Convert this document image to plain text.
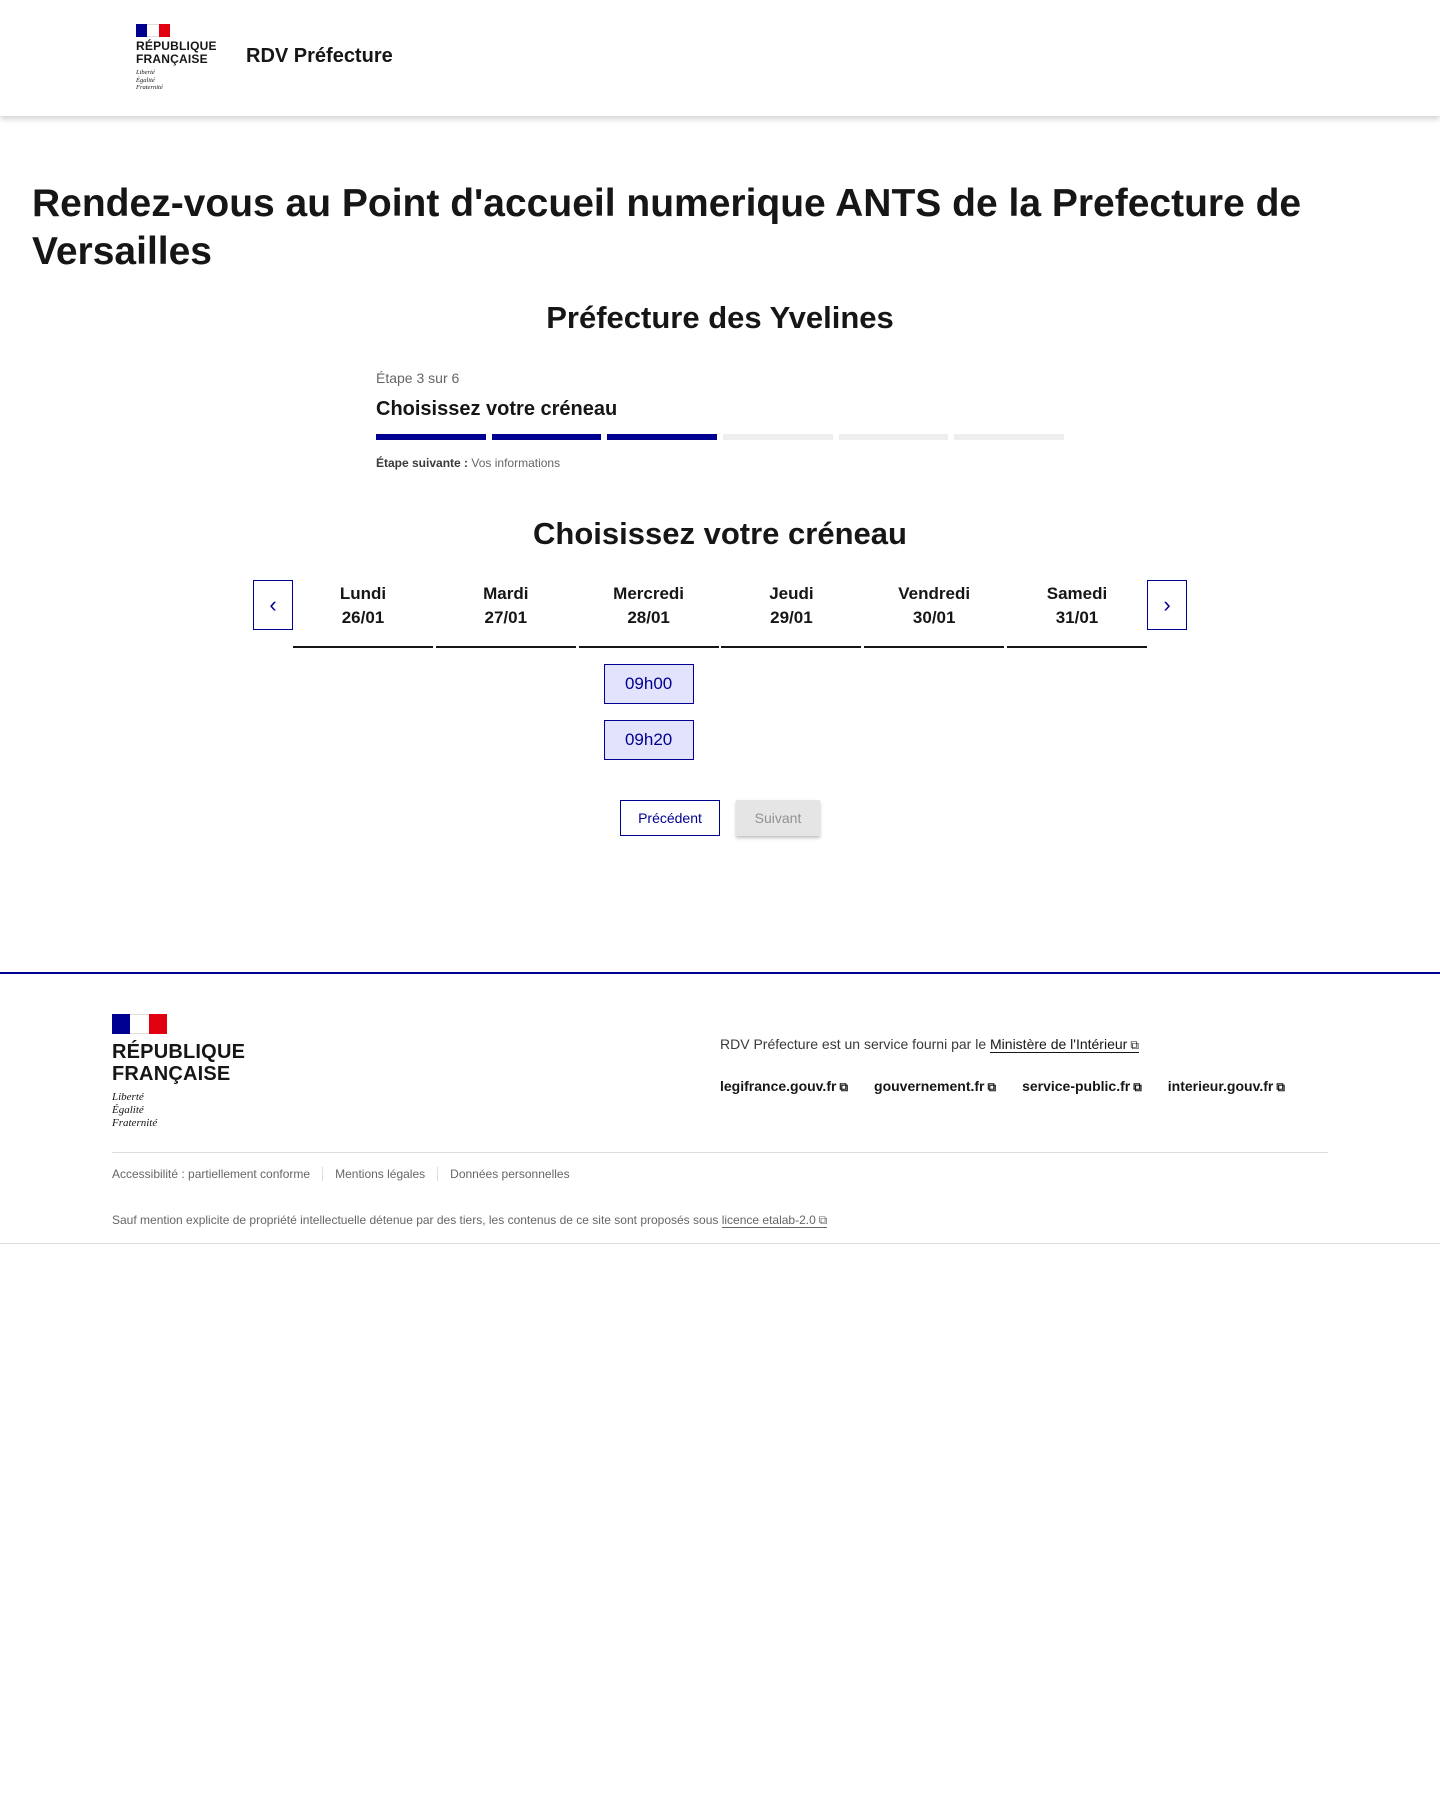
RÉPUBLIQUE
FRANÇAISE
Liberté
Égalité
Fraternité
RDV Préfecture
Rendez-vous au Point d'accueil numerique ANTS de la Prefecture de Versailles
Préfecture des Yvelines
Étape 3 sur 6
Choisissez votre créneau
Étape suivante : Vos informations
Choisissez votre créneau
‹	Lundi
26/01
Mardi
27/01
Mercredi
28/01
09h00
09h20
Jeudi
29/01
Vendredi
30/01
Samedi
31/01
›
Précédent	Suivant
RÉPUBLIQUE
FRANÇAISE
Liberté
Égalité
Fraternité
RDV Préfecture est un service fourni par le Ministère de l'Intérieur ⧉
legifrance.gouv.fr ⧉ gouvernement.fr ⧉ service-public.fr ⧉ interieur.gouv.fr ⧉
Accessibilité : partiellement conforme	Mentions légales	Données personnelles
Sauf mention explicite de propriété intellectuelle détenue par des tiers, les contenus de ce site sont proposés sous licence etalab-2.0 ⧉
